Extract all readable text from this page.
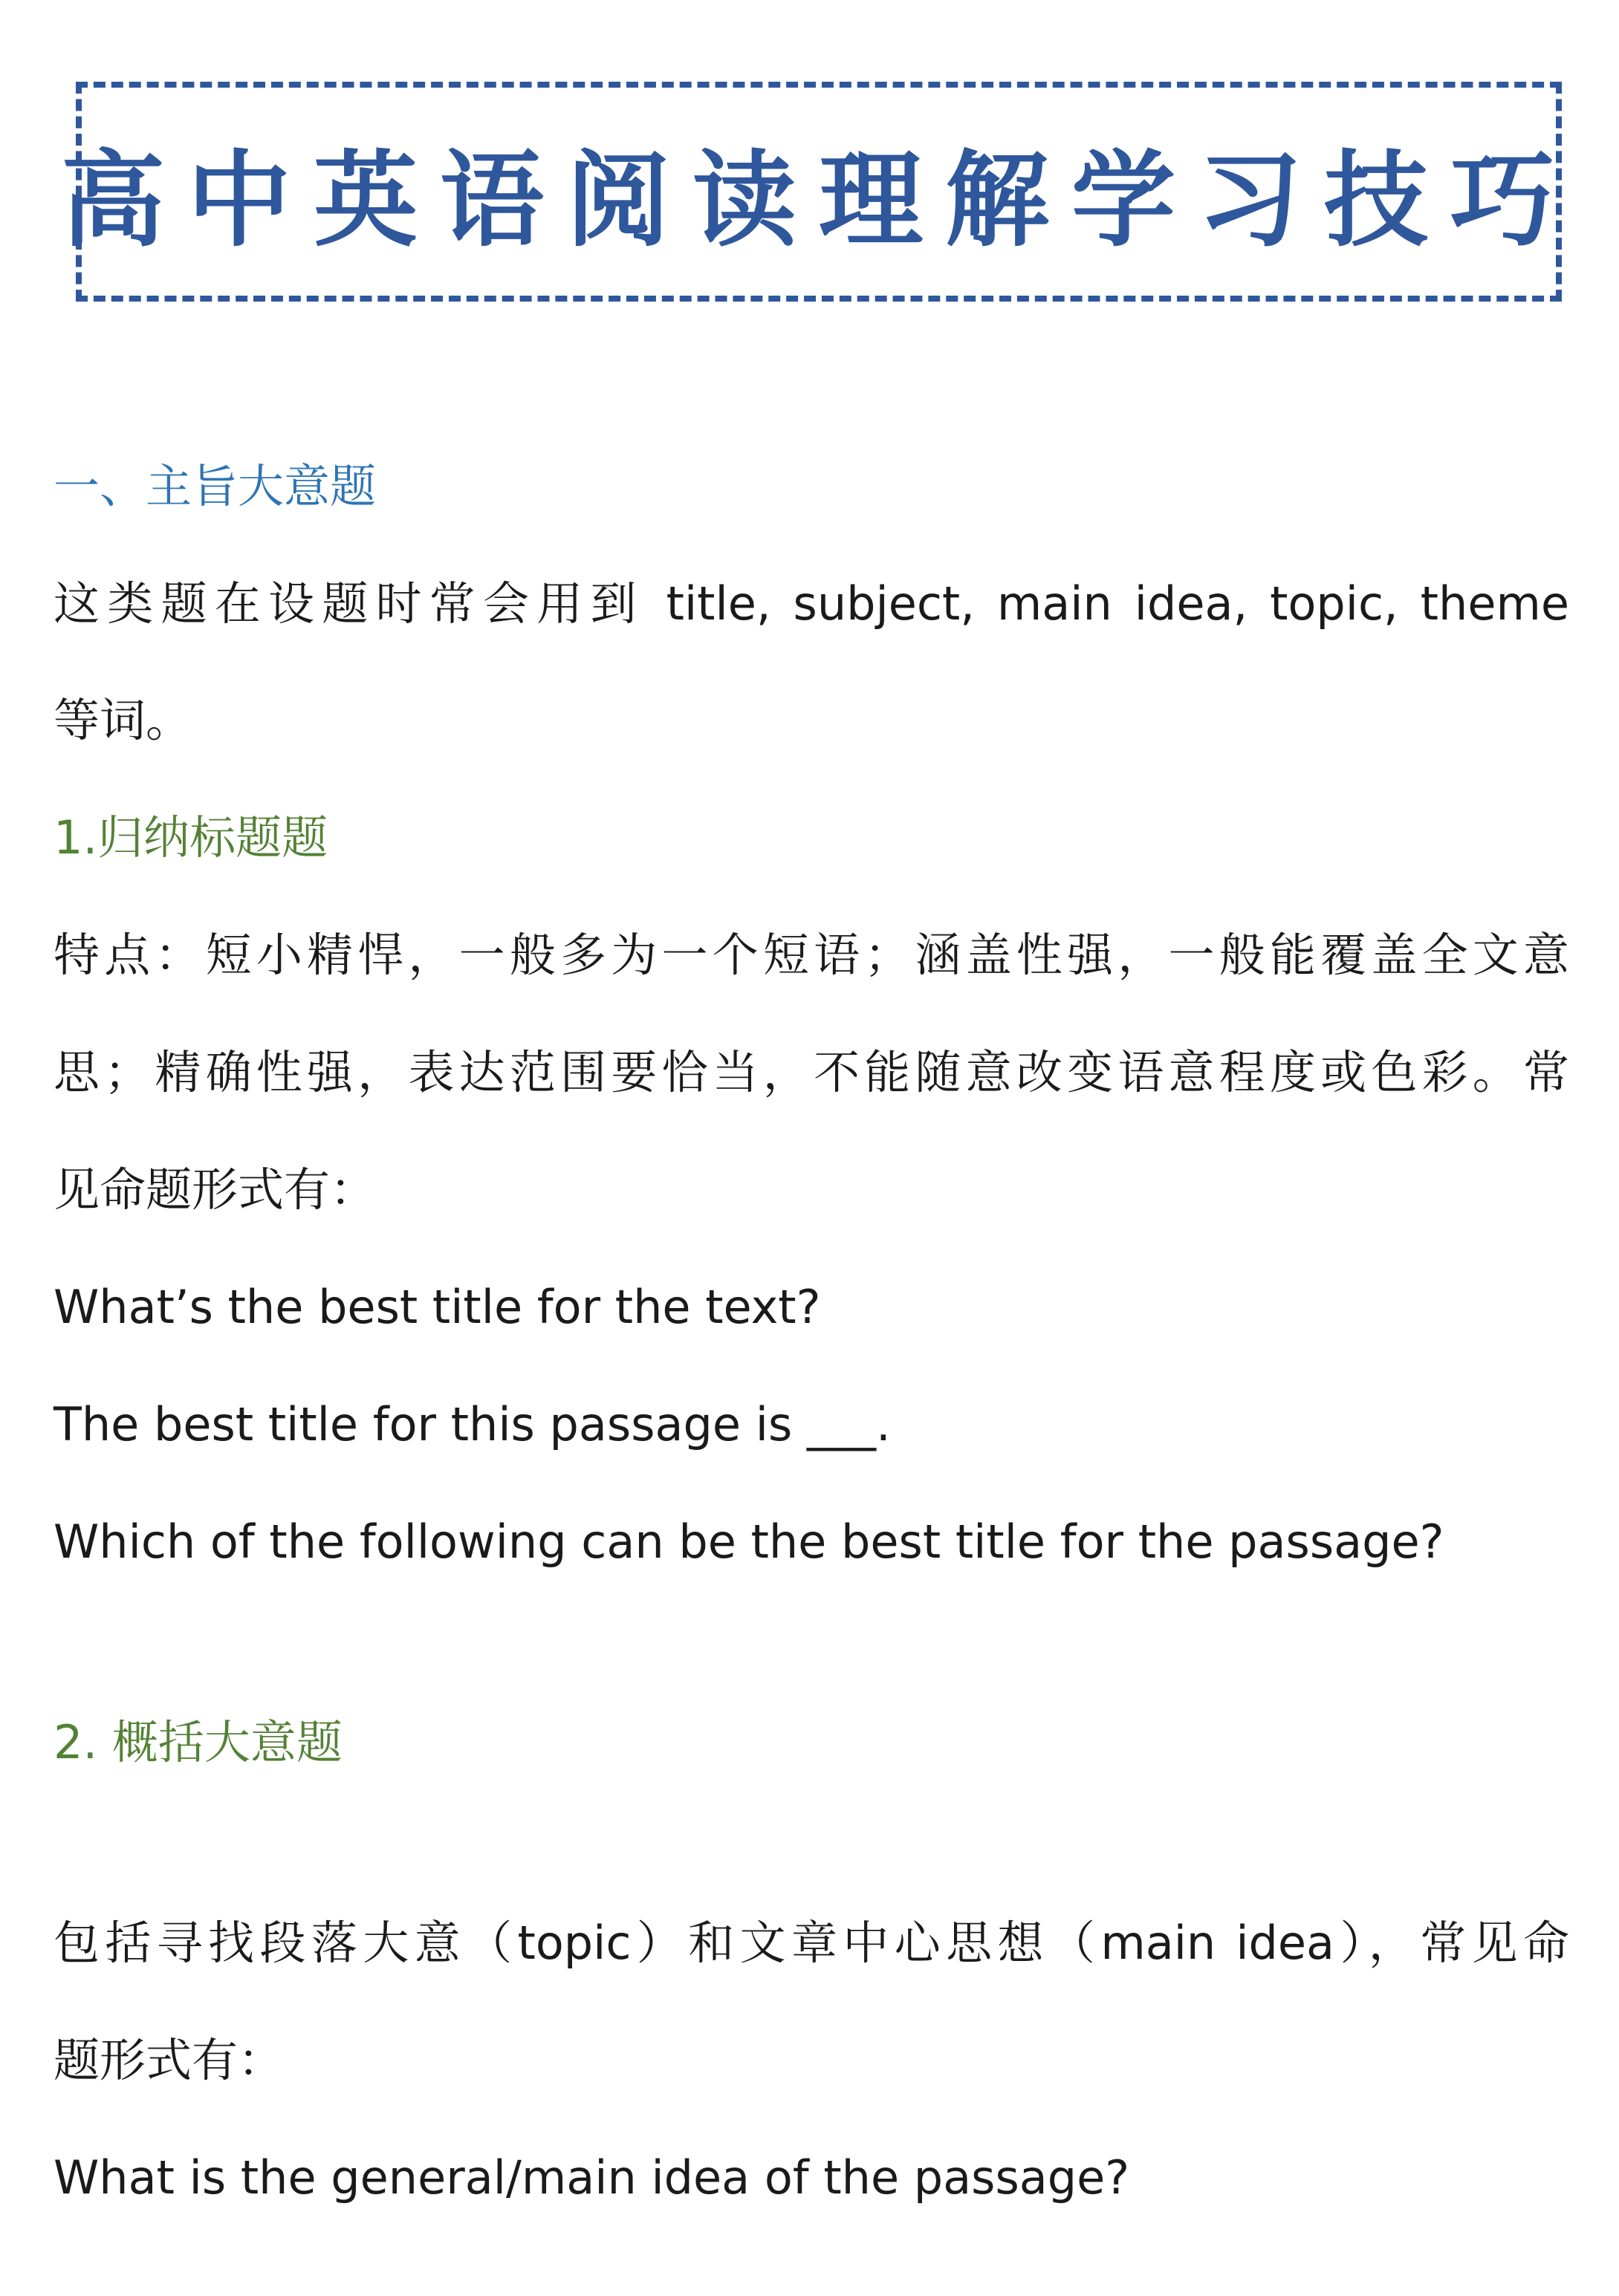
高中英语阅读理解学习技巧
一、主旨大意题
这类题在设题时常会用到 title, subject, main idea, topic, theme
等词。
1.归纳标题题
特点：短小精悍，一般多为一个短语；涵盖性强，一般能覆盖全文意
思；精确性强，表达范围要恰当，不能随意改变语意程度或色彩。常
见命题形式有：
What’s the best title for the text?
The best title for this passage is ___.
Which of the following can be the best title for the passage?
2. 概括大意题
包括寻找段落大意（topic）和文章中心思想（main idea），常见命
题形式有：
What is the general/main idea of the passage?
